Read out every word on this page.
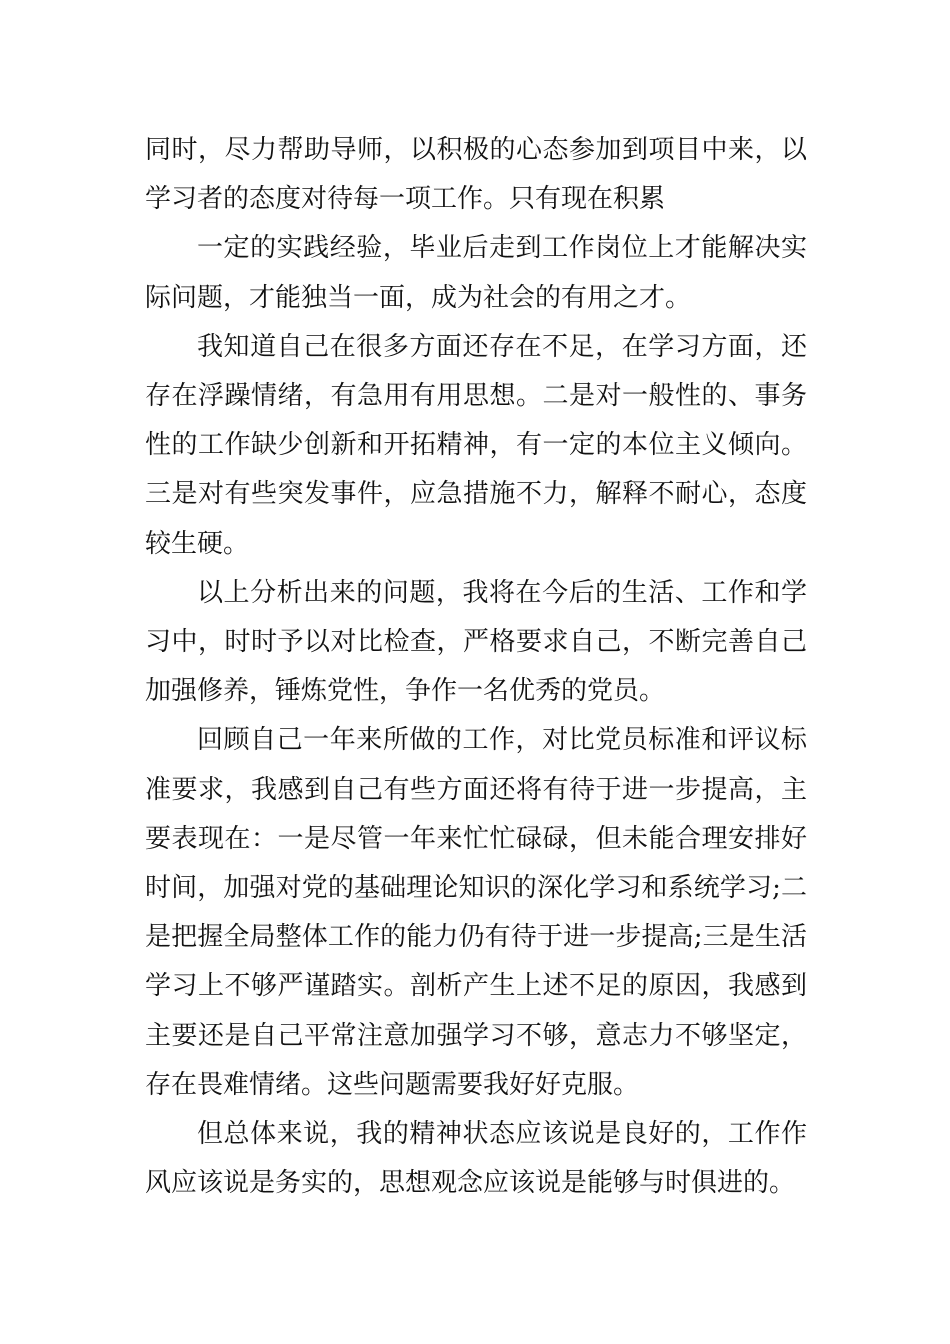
同时，尽力帮助导师，以积极的心态参加到项目中来，以学习者的态度对待每一项工作。只有现在积累

一定的实践经验，毕业后走到工作岗位上才能解决实际问题，才能独当一面，成为社会的有用之才。

我知道自己在很多方面还存在不足，在学习方面，还存在浮躁情绪，有急用有用思想。二是对一般性的、事务性的工作缺少创新和开拓精神，有一定的本位主义倾向。三是对有些突发事件，应急措施不力，解释不耐心，态度较生硬。

以上分析出来的问题，我将在今后的生活、工作和学习中，时时予以对比检查，严格要求自己，不断完善自己加强修养，锤炼党性，争作一名优秀的党员。

回顾自己一年来所做的工作，对比党员标准和评议标准要求，我感到自己有些方面还将有待于进一步提高，主要表现在：一是尽管一年来忙忙碌碌，但未能合理安排好时间，加强对党的基础理论知识的深化学习和系统学习;二是把握全局整体工作的能力仍有待于进一步提高;三是生活学习上不够严谨踏实。剖析产生上述不足的原因，我感到主要还是自己平常注意加强学习不够，意志力不够坚定，存在畏难情绪。这些问题需要我好好克服。

但总体来说，我的精神状态应该说是良好的，工作作风应该说是务实的，思想观念应该说是能够与时俱进的。
